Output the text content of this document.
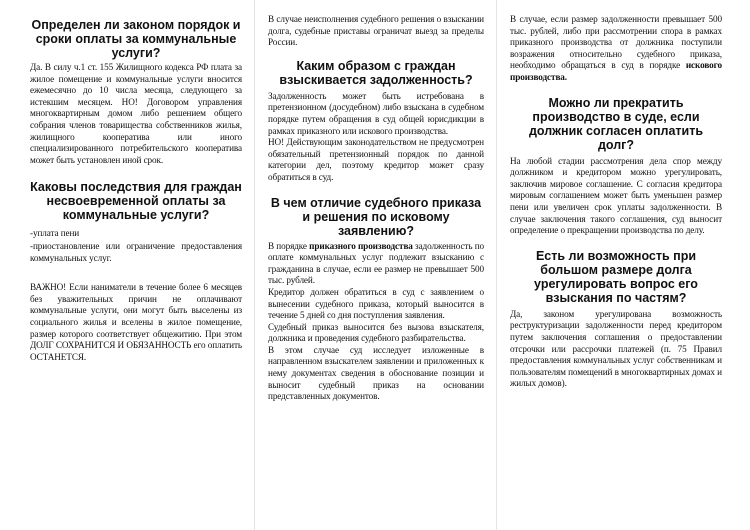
Определен ли законом порядок и сроки оплаты за коммунальные услуги?

Да. В силу ч.1 ст. 155 Жилищного кодекса РФ плата за жилое помещение и коммунальные услуги вносится ежемесячно до 10 числа месяца, следующего за истекшим месяцем. НО! Договором управления многоквартирным домом либо решением общего собрания членов товарищества собственников жилья, жилищного кооператива или иного специализированного потребительского кооператива может быть установлен иной срок.

Каковы последствия для граждан несвоевременной оплаты за коммунальные услуги?

-уплата пени

-приостановление или ограничение предоставления коммунальных услуг.

ВАЖНО! Если наниматели в течение более 6 месяцев без уважительных причин не оплачивают коммунальные услуги, они могут быть выселены из социального жилья и вселены в жилое помещение, размер которого соответствует общежитию. При этом ДОЛГ СОХРАНИТСЯ И ОБЯЗАННОСТЬ его оплатить ОСТАНЕТСЯ.

В случае неисполнения судебного решения о взыскании долга, судебные приставы ограничат выезд за пределы России.

Каким образом с граждан взыскивается задолженность?

Задолженность может быть истребована в претензионном (досудебном) либо взыскана в судебном порядке путем обращения в суд общей юрисдикции в рамках приказного или искового производства.

НО! Действующим законодательством не предусмотрен обязательный претензионный порядок по данной категории дел, поэтому кредитор может сразу обратиться в суд.

В чем отличие судебного приказа и решения по исковому заявлению?

В порядке приказного производства задолженность по оплате коммунальных услуг подлежит взысканию с гражданина в случае, если ее размер не превышает 500 тыс. рублей.

Кредитор должен обратиться в суд с заявлением о вынесении судебного приказа, который выносится в течение 5 дней со дня поступления заявления.

Судебный приказ выносится без вызова взыскателя, должника и проведения судебного разбирательства.

В этом случае суд исследует изложенные в направленном взыскателем заявлении и приложенных к нему документах сведения в обоснование позиции и выносит судебный приказ на основании представленных документов.

В случае, если размер задолженности превышает 500 тыс. рублей, либо при рассмотрении спора в рамках приказного производства от должника поступили возражения относительно судебного приказа, необходимо обращаться в суд в порядке искового производства.

Можно ли прекратить производство в суде, если должник согласен оплатить долг?

На любой стадии рассмотрения дела спор между должником и кредитором можно урегулировать, заключив мировое соглашение. С согласия кредитора мировым соглашением может быть уменьшен размер пени или увеличен срок уплаты задолженности. В случае заключения такого соглашения, суд выносит определение о прекращении производства по делу.

Есть ли возможность при большом размере долга урегулировать вопрос его взыскания по частям?

Да, законом урегулирована возможность реструктуризации задолженности перед кредитором путем заключения соглашения о предоставлении отсрочки или рассрочки платежей (п. 75 Правил предоставления коммунальных услуг собственникам и пользователям помещений в многоквартирных домах и жилых домов).
